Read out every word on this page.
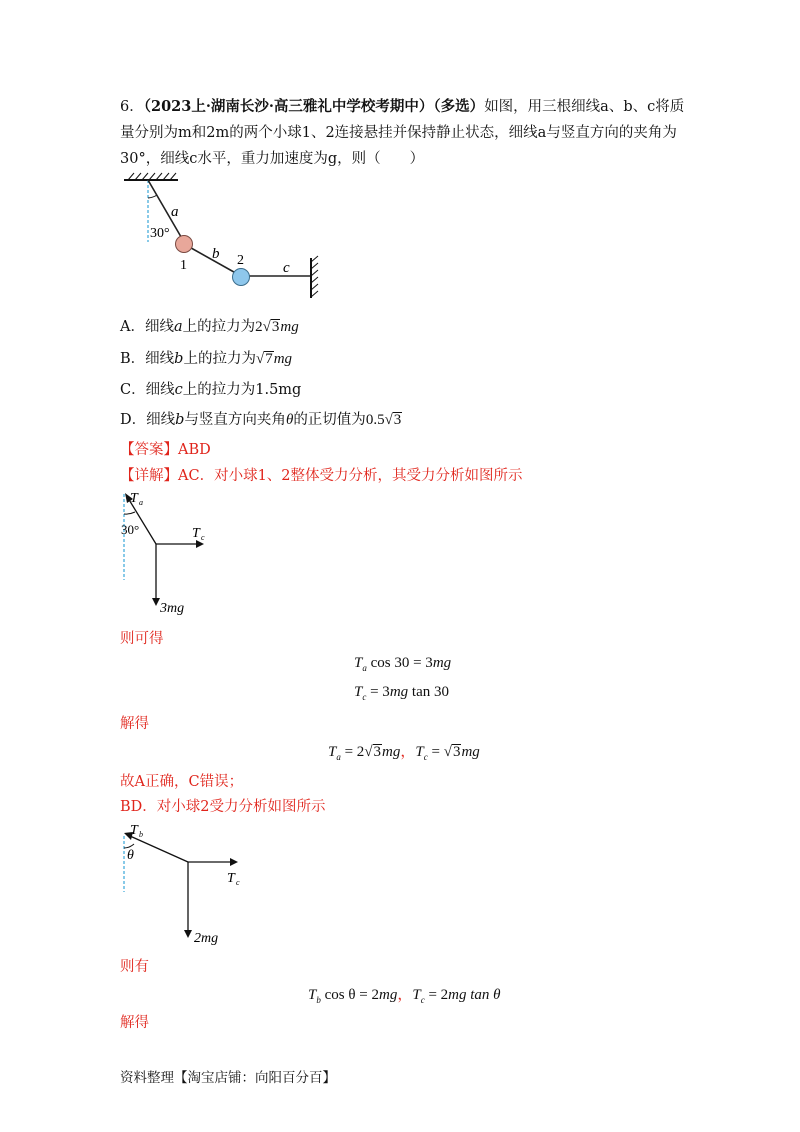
6．（2023上·湖南长沙·高三雅礼中学校考期中）（多选）如图，用三根细线a、b、c将质
量分别为m和2m的两个小球1、2连接悬挂并保持静止状态，细线a与竖直方向的夹角为
30°，细线c水平，重力加速度为g，则（　　）
a
30°
1
b 2	c
A．细线a上的拉力为2√3mg
B．细线b上的拉力为√7mg
C．细线c上的拉力为1.5mg
D．细线b与竖直方向夹角θ的正切值为0.5√3
【答案】ABD
【详解】AC．对小球1、2整体受力分析，其受力分析如图所示
T a
30°	T c
3mg
则可得
$T_a$ cos 30 = 3mg
$T_c = 3mg$ tan 30
解得
$T_a = 2√3mg$，$T_c = √3mg$
故A正确，C错误；
BD．对小球2受力分析如图所示
T b
θ
T c
2mg
则有
$T_b$ cos θ = 2mg，$T_c = 2mg$ tan θ
解得
资料整理【淘宝店铺：向阳百分百】
